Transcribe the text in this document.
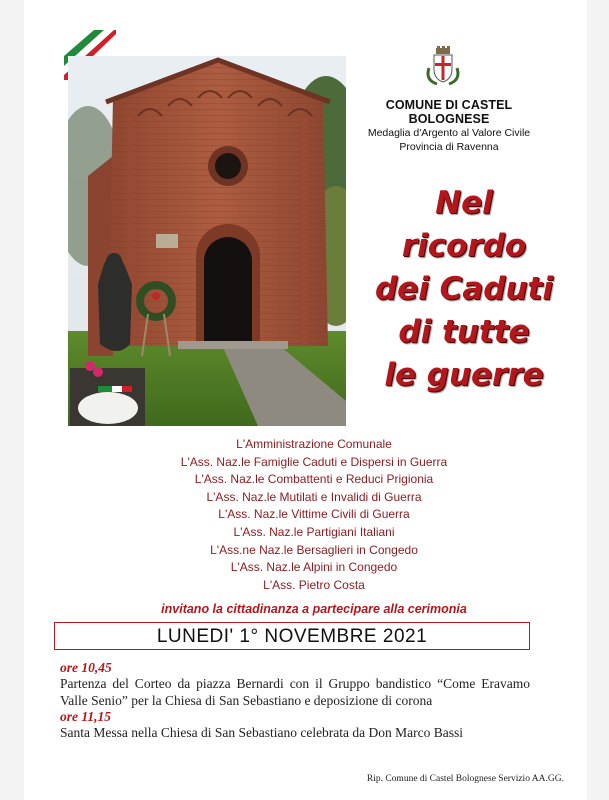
COMUNE DI CASTEL BOLOGNESE
Medaglia d'Argento al Valore Civile
Provincia di Ravenna
Nel
ricordo
dei Caduti
di tutte
le guerre
L'Amministrazione Comunale
L'Ass. Naz.le Famiglie Caduti e Dispersi in Guerra
L'Ass. Naz.le Combattenti e Reduci Prigionia
L'Ass. Naz.le Mutilati e Invalidi di Guerra
L'Ass. Naz.le Vittime Civili di Guerra
L'Ass. Naz.le Partigiani Italiani
L'Ass.ne Naz.le Bersaglieri in Congedo
L'Ass. Naz.le Alpini in Congedo
L'Ass. Pietro Costa
invitano la cittadinanza a partecipare alla cerimonia
LUNEDI' 1° NOVEMBRE 2021
ore 10,45
Partenza del Corteo da piazza Bernardi con il Gruppo bandistico “Come Eravamo Valle Senio” per la Chiesa di San Sebastiano e deposizione di corona
ore 11,15
Santa Messa nella Chiesa di San Sebastiano celebrata da Don Marco Bassi
Rip. Comune di Castel Bolognese Servizio AA.GG.
